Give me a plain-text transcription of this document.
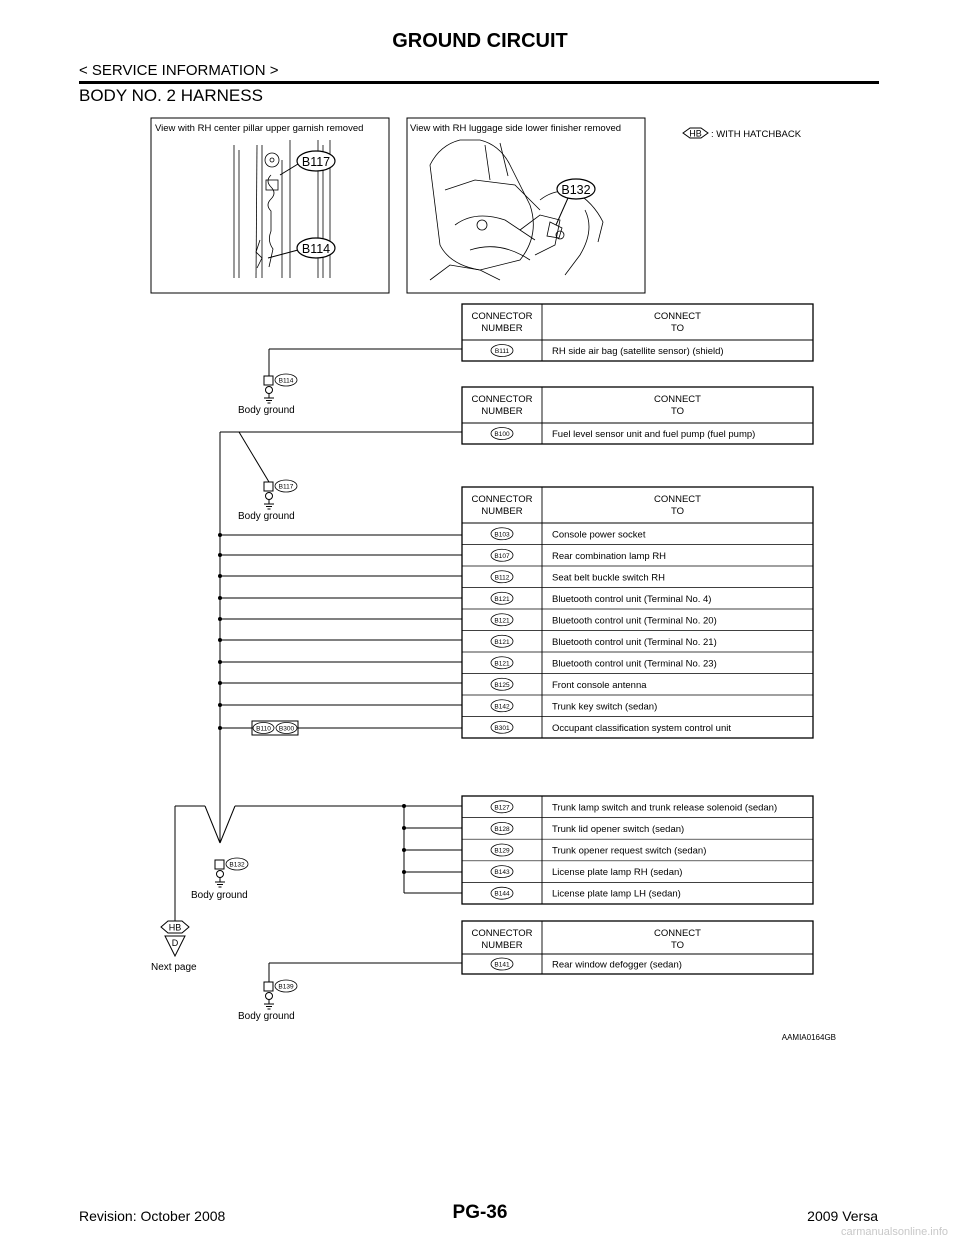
GROUND CIRCUIT
< SERVICE INFORMATION >
BODY NO. 2 HARNESS
View with RH center pillar upper garnish removed
B117
B114
View with RH luggage side lower finisher removed
B132
HB : WITH HATCHBACK
B110 B300
B114
Body ground
B117
Body ground
B132
Body ground
B139
Body ground
CONNECTOR
NUMBER
CONNECT
TO
B111	RH side air bag (satellite sensor) (shield)
CONNECTOR
NUMBER
CONNECT
TO
B100	Fuel level sensor unit and fuel pump (fuel pump)
CONNECTOR
NUMBER
CONNECT
TO
B103	Console power socket
B107	Rear combination lamp RH
B112	Seat belt buckle switch RH
B121	Bluetooth control unit (Terminal No. 4)
B121	Bluetooth control unit (Terminal No. 20)
B121	Bluetooth control unit (Terminal No. 21)
B121	Bluetooth control unit (Terminal No. 23)
B125	Front console antenna
B142	Trunk key switch (sedan)
B301	Occupant classification system control unit
B127	Trunk lamp switch and trunk release solenoid (sedan)
B128	Trunk lid opener switch (sedan)
B129	Trunk opener request switch (sedan)
B143	License plate lamp RH (sedan)
B144	License plate lamp LH (sedan)
CONNECTOR
NUMBER
CONNECT
TO
B141	Rear window defogger (sedan)
HB
D
Next page
AAMIA0164GB
Revision: October 2008	PG-36	2009 Versa
carmanualsonline.info
